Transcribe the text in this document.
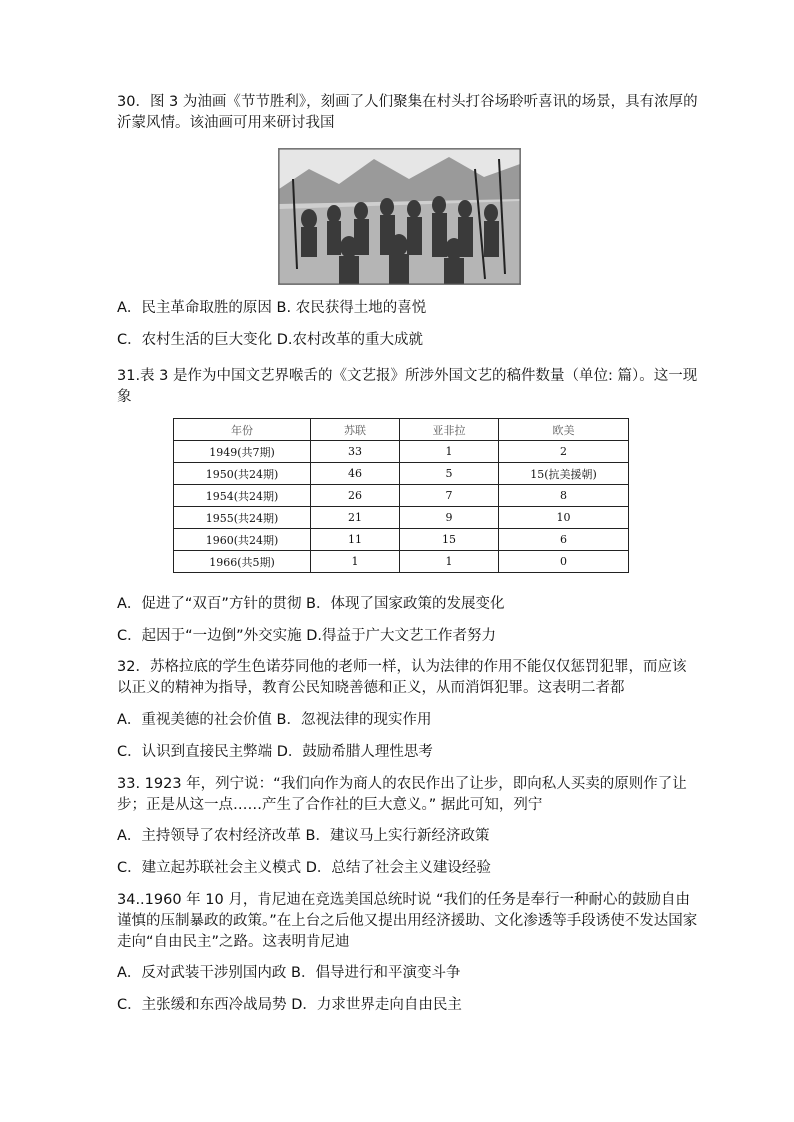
30．图 3 为油画《节节胜利》，刻画了人们聚集在村头打谷场聆听喜讯的场景，具有浓厚的沂蒙风情。该油画可用来研讨我国

A．民主革命取胜的原因 B. 农民获得土地的喜悦

C．农村生活的巨大变化 D.农村改革的重大成就

31.表 3 是作为中国文艺界喉舌的《文艺报》所涉外国文艺的稿件数量（单位: 篇）。这一现象

年份	苏联	亚非拉	欧美
1949(共7期)	33	1	2
1950(共24期)	46	5	15(抗美援朝)
1954(共24期)	26	7	8
1955(共24期)	21	9	10
1960(共24期)	11	15	6
1966(共5期)	1	1	0

A．促进了“双百”方针的贯彻 B．体现了国家政策的发展变化

C．起因于“一边倒”外交实施 D.得益于广大文艺工作者努力

32．苏格拉底的学生色诺芬同他的老师一样，认为法律的作用不能仅仅惩罚犯罪，而应该以正义的精神为指导，教育公民知晓善德和正义，从而消饵犯罪。这表明二者都

A．重视美德的社会价值 B．忽视法律的现实作用

C．认识到直接民主弊端 D．鼓励希腊人理性思考

33. 1923 年，列宁说：“我们向作为商人的农民作出了让步，即向私人买卖的原则作了让步；正是从这一点……产生了合作社的巨大意义。” 据此可知，列宁

A．主持领导了农村经济改革 B．建议马上实行新经济政策

C．建立起苏联社会主义模式 D．总结了社会主义建设经验

34..1960 年 10 月，肯尼迪在竞选美国总统时说 “我们的任务是奉行一种耐心的鼓励自由谨慎的压制暴政的政策。”在上台之后他又提出用经济援助、文化渗透等手段诱使不发达国家走向“自由民主”之路。这表明肯尼迪

A．反对武装干涉别国内政 B．倡导进行和平演变斗争

C．主张缓和东西冷战局势 D．力求世界走向自由民主
